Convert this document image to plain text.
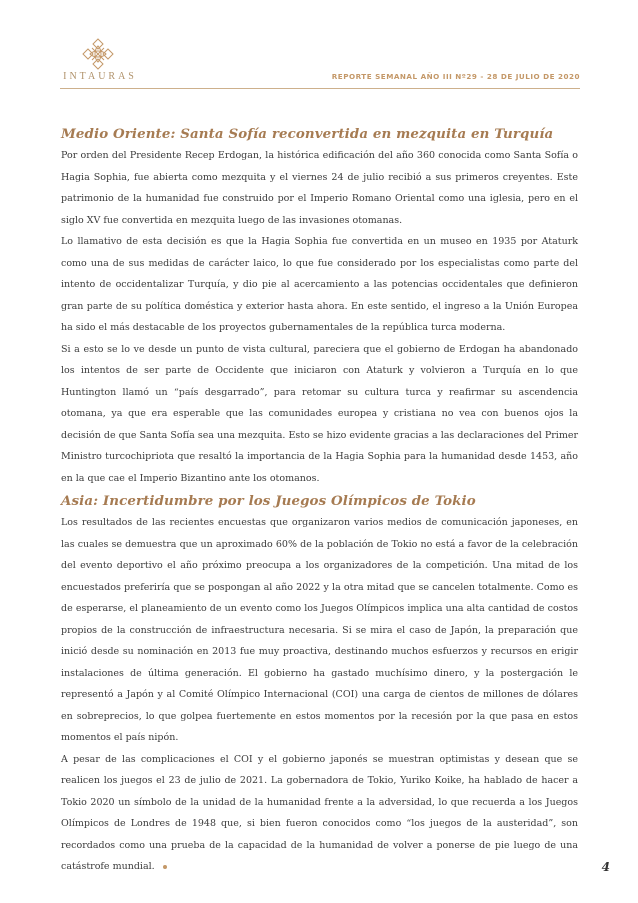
INTAURAS	REPORTE SEMANAL AÑO III Nº29 - 28 DE JULIO DE 2020
Medio Oriente: Santa Sofía reconvertida en mezquita en Turquía

Por orden del Presidente Recep Erdogan, la histórica edificación del año 360 conocida como Santa Sofía o Hagia Sophia, fue abierta como mezquita y el viernes 24 de julio recibió a sus primeros creyentes. Este patrimonio de la humanidad fue construido por el Imperio Romano Oriental como una iglesia, pero en el siglo XV fue convertida en mezquita luego de las invasiones otomanas.

Lo llamativo de esta decisión es que la Hagia Sophia fue convertida en un museo en 1935 por Ataturk como una de sus medidas de carácter laico, lo que fue considerado por los especialistas como parte del intento de occidentalizar Turquía, y dio pie al acercamiento a las potencias occidentales que definieron gran parte de su política doméstica y exterior hasta ahora. En este sentido, el ingreso a la Unión Europea ha sido el más destacable de los proyectos gubernamentales de la república turca moderna.

Si a esto se lo ve desde un punto de vista cultural, pareciera que el gobierno de Erdogan ha abandonado los intentos de ser parte de Occidente que iniciaron con Ataturk y volvieron a Turquía en lo que Huntington llamó un “país desgarrado”, para retomar su cultura turca y reafirmar su ascendencia otomana, ya que era esperable que las comunidades europea y cristiana no vea con buenos ojos la decisión de que Santa Sofía sea una mezquita. Esto se hizo evidente gracias a las declaraciones del Primer Ministro turcochipriota que resaltó la importancia de la Hagia Sophia para la humanidad desde 1453, año en la que cae el Imperio Bizantino ante los otomanos.

Asia: Incertidumbre por los Juegos Olímpicos de Tokio

Los resultados de las recientes encuestas que organizaron varios medios de comunicación japoneses, en las cuales se demuestra que un aproximado 60% de la población de Tokio no está a favor de la celebración del evento deportivo el año próximo preocupa a los organizadores de la competición. Una mitad de los encuestados preferiría que se pospongan al año 2022 y la otra mitad que se cancelen totalmente. Como es de esperarse, el planeamiento de un evento como los Juegos Olímpicos implica una alta cantidad de costos propios de la construcción de infraestructura necesaria. Si se mira el caso de Japón, la preparación que inició desde su nominación en 2013 fue muy proactiva, destinando muchos esfuerzos y recursos en erigir instalaciones de última generación. El gobierno ha gastado muchísimo dinero, y la postergación le representó a Japón y al Comité Olímpico Internacional (COI) una carga de cientos de millones de dólares en sobreprecios, lo que golpea fuertemente en estos momentos por la recesión por la que pasa en estos momentos el país nipón.

A pesar de las complicaciones el COI y el gobierno japonés se muestran optimistas y desean que se realicen los juegos el 23 de julio de 2021. La gobernadora de Tokio, Yuriko Koike, ha hablado de hacer a Tokio 2020 un símbolo de la unidad de la humanidad frente a la adversidad, lo que recuerda a los Juegos Olímpicos de Londres de 1948 que, si bien fueron conocidos como “los juegos de la austeridad”, son recordados como una prueba de la capacidad de la humanidad de volver a ponerse de pie luego de una catástrofe mundial.	4
